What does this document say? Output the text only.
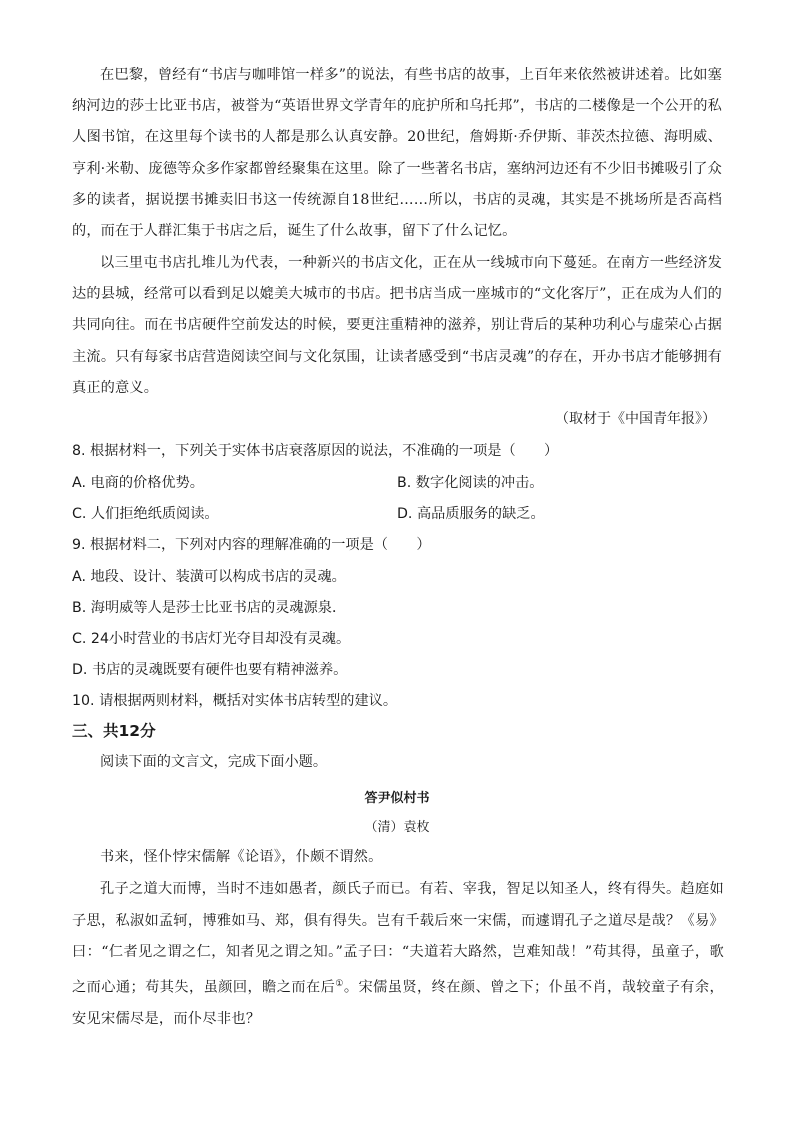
在巴黎，曾经有“书店与咖啡馆一样多”的说法，有些书店的故事，上百年来依然被讲述着。比如塞纳河边的莎士比亚书店，被誉为“英语世界文学青年的庇护所和乌托邦”，书店的二楼像是一个公开的私人图书馆，在这里每个读书的人都是那么认真安静。20世纪，詹姆斯·乔伊斯、菲茨杰拉德、海明威、亨利·米勒、庞德等众多作家都曾经聚集在这里。除了一些著名书店，塞纳河边还有不少旧书摊吸引了众多的读者，据说摆书摊卖旧书这一传统源自18世纪……所以，书店的灵魂，其实是不挑场所是否高档的，而在于人群汇集于书店之后，诞生了什么故事，留下了什么记忆。

以三里屯书店扎堆儿为代表，一种新兴的书店文化，正在从一线城市向下蔓延。在南方一些经济发达的县城，经常可以看到足以媲美大城市的书店。把书店当成一座城市的“文化客厅”，正在成为人们的共同向往。而在书店硬件空前发达的时候，要更注重精神的滋养，别让背后的某种功利心与虚荣心占据主流。只有每家书店营造阅读空间与文化氛围，让读者感受到“书店灵魂”的存在，开办书店才能够拥有真正的意义。

（取材于《中国青年报》）

8. 根据材料一，下列关于实体书店衰落原因的说法，不准确的一项是（　　）

A. 电商的价格优势。	B. 数字化阅读的冲击。

C. 人们拒绝纸质阅读。	D. 高品质服务的缺乏。

9. 根据材料二，下列对内容的理解准确的一项是（　　）

A. 地段、设计、装潢可以构成书店的灵魂。

B. 海明威等人是莎士比亚书店的灵魂源泉．

C. 24小时营业的书店灯光夺目却没有灵魂。

D. 书店的灵魂既要有硬件也要有精神滋养。

10. 请根据两则材料，概括对实体书店转型的建议。

三、共12分

阅读下面的文言文，完成下面小题。

答尹似村书

（清）袁枚

书来，怪仆悖宋儒解《论语》，仆颇不谓然。

孔子之道大而博，当时不违如愚者，颜氏子而已。有若、宰我，智足以知圣人，终有得失。趋庭如子思，私淑如孟轲，博雅如马、郑，俱有得失。岂有千载后來一宋儒，而遽谓孔子之道尽是哉？《易》曰：“仁者见之谓之仁，知者见之谓之知。”孟子曰：“夫道若大路然，岂难知哉！”苟其得，虽童子，歌之而心通；苟其失，虽颜回，瞻之而在后①。宋儒虽贤，终在颜、曾之下；仆虽不肖，哉较童子有余，安见宋儒尽是，而仆尽非也？
